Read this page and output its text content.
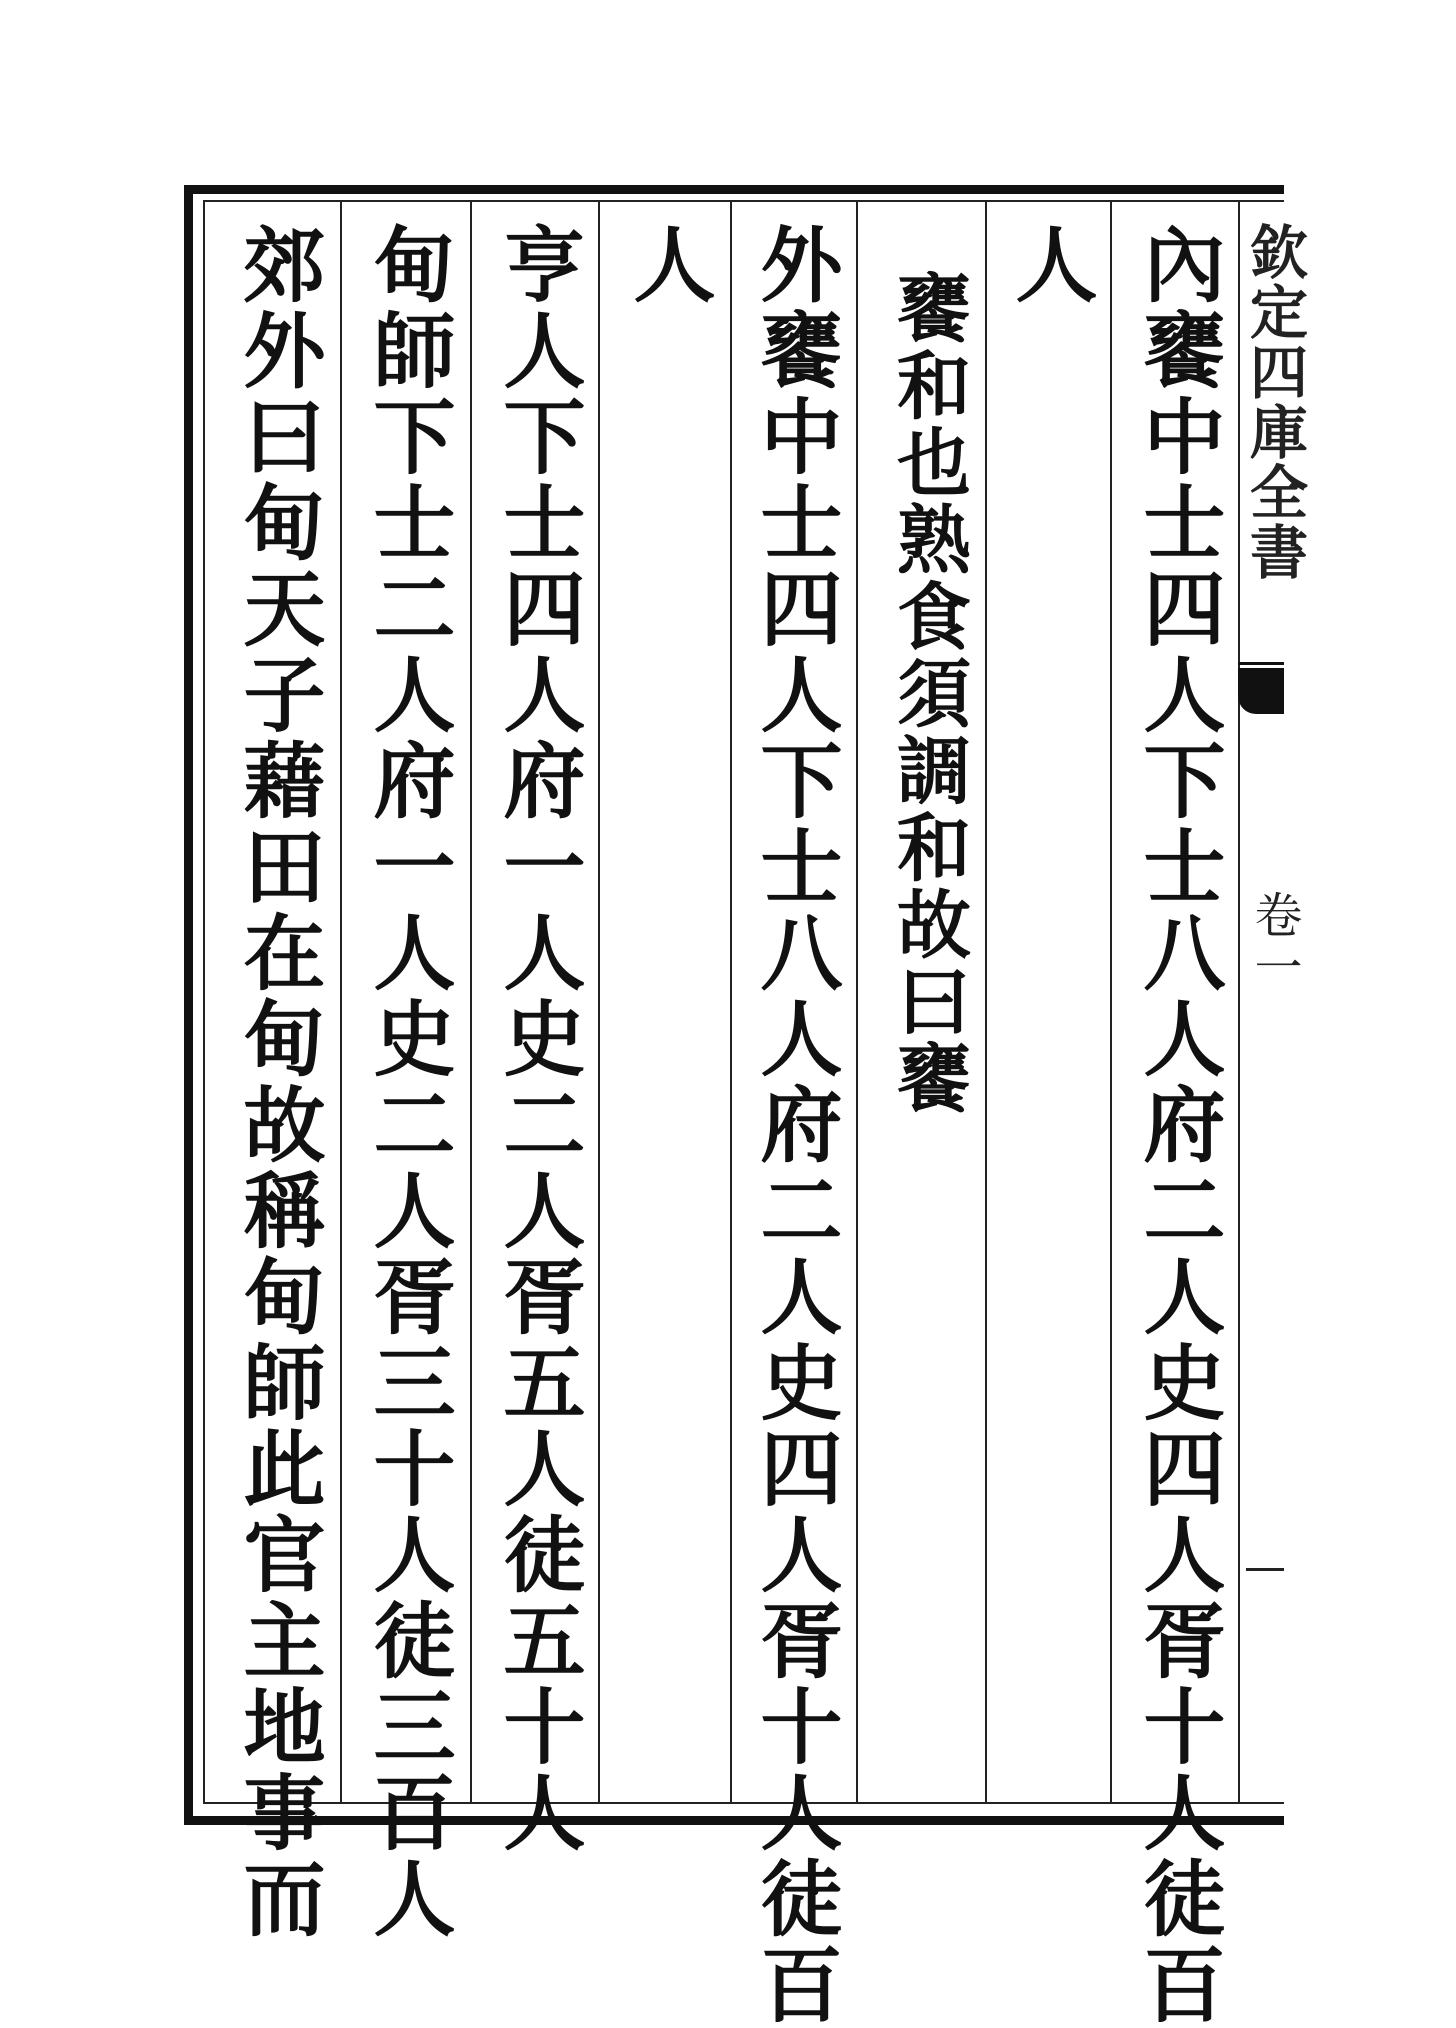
欽定四庫全書
卷一
內饔中士四人下士八人府二人史四人胥十人徒百
人
饔和也熟食須調和故曰饔
外饔中士四人下士八人府二人史四人胥十人徒百
人
亨人下士四人府一人史二人胥五人徒五十人
甸師下士二人府一人史二人胥三十人徒三百人
郊外曰甸天子藉田在甸故稱甸師此官主地事而
